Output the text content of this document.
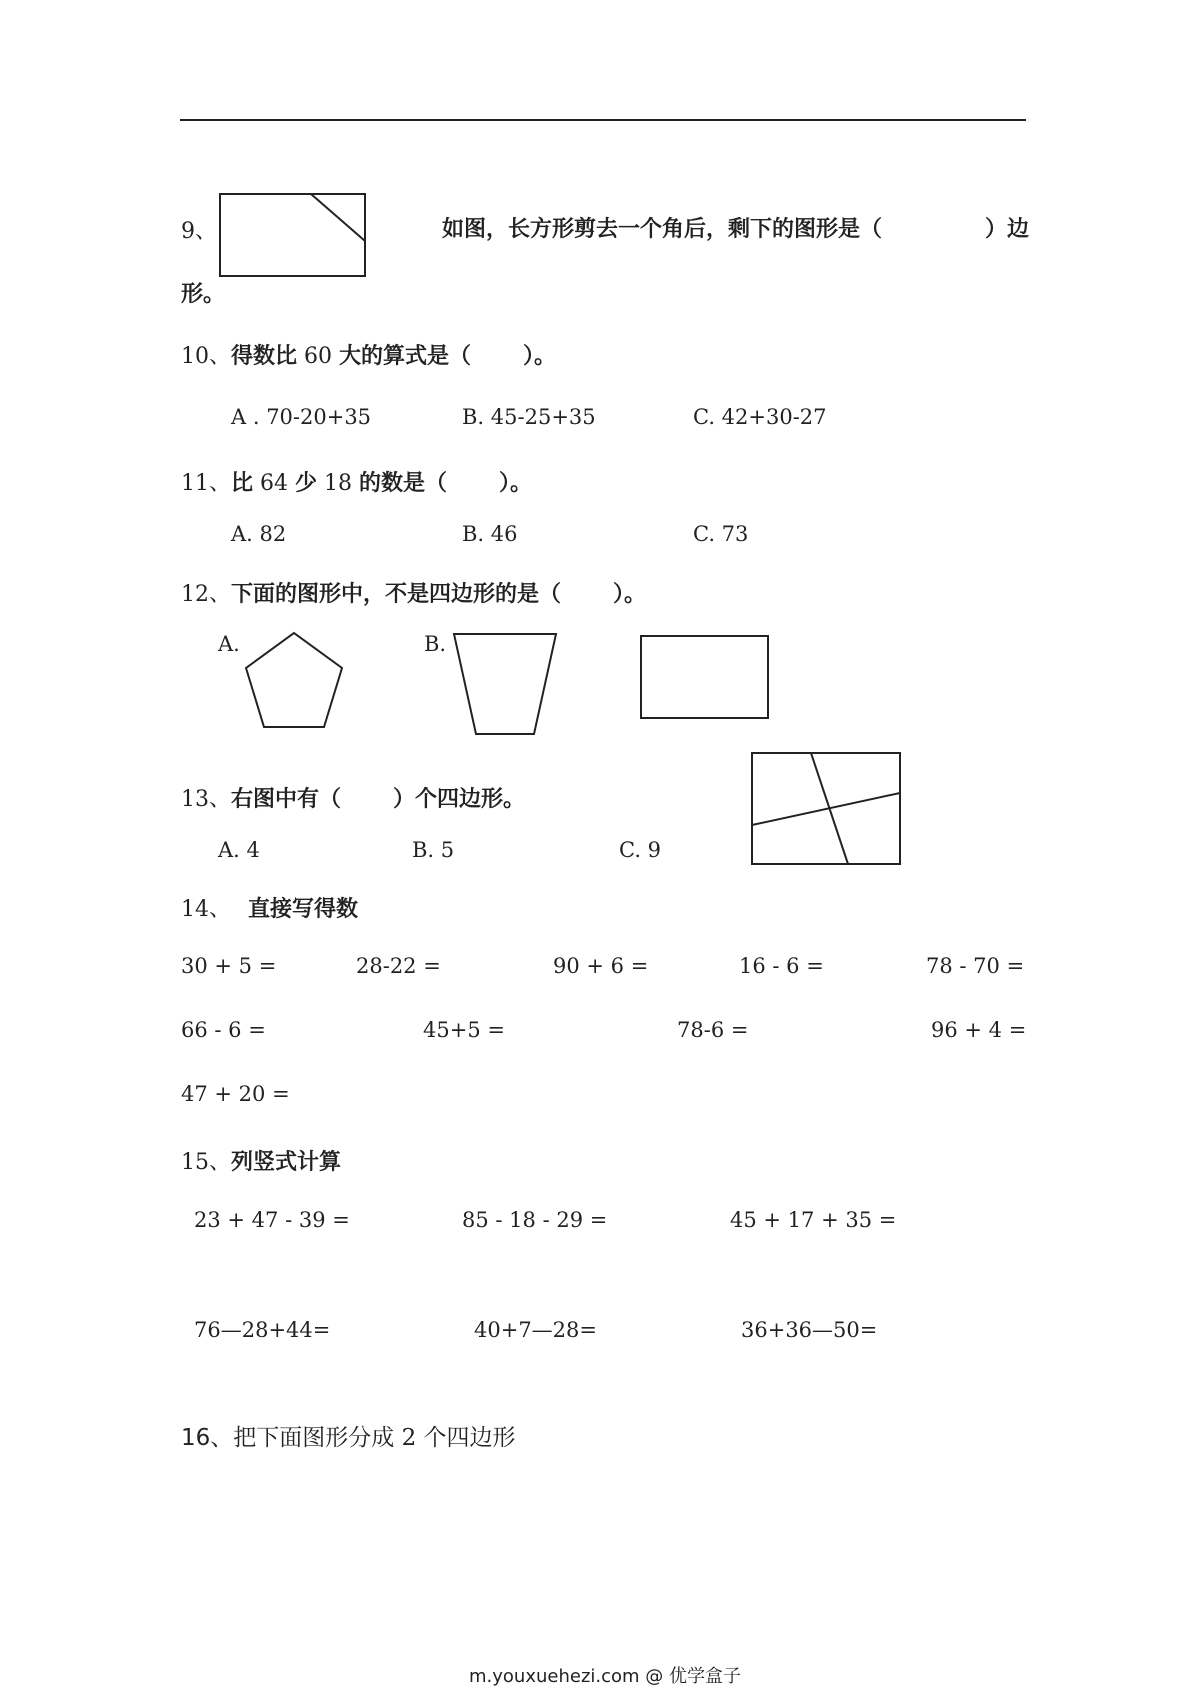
9、	如图，长方形剪去一个角后，剩下的图形是（	）边
形。
10、得数比 60 大的算式是（ ）。
A . 70-20+35	B. 45-25+35	C. 42+30-27
11、比 64 少 18 的数是（ ）。
A. 82	B. 46	C. 73
12、下面的图形中，不是四边形的是（ ）。
A.	B.
13、右图中有（ ）个四边形。
A. 4	B. 5	C. 9
14、 直接写得数
30 + 5 =	28-22 =	90 + 6 =	16 - 6 =	78 - 70 =
66 - 6 =	45+5 =	78-6 =	96 + 4 =
47 + 20 =
15、列竖式计算
23 + 47 - 39 =	85 - 18 - 29 =	45 + 17 + 35 =
76—28+44=	40+7—28=	36+36—50=
16、把下面图形分成 2 个四边形
m.youxuehezi.com @ 优学盒子
